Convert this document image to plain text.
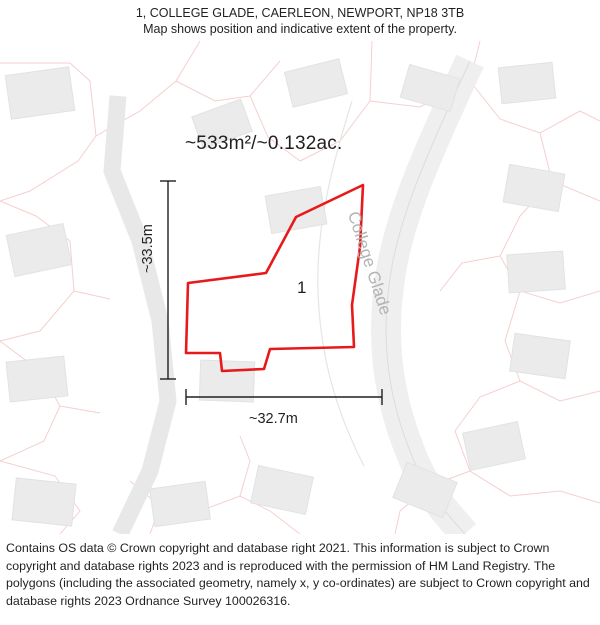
1, COLLEGE GLADE, CAERLEON, NEWPORT, NP18 3TB
Map shows position and indicative extent of the property.
~533m²/~0.132ac.
1 College Glade
~33.5m
~32.7m
Contains OS data © Crown copyright and database right 2021. This information is subject to Crown copyright and database rights 2023 and is reproduced with the permission of HM Land Registry. The polygons (including the associated geometry, namely x, y co-ordinates) are subject to Crown copyright and database rights 2023 Ordnance Survey 100026316.
